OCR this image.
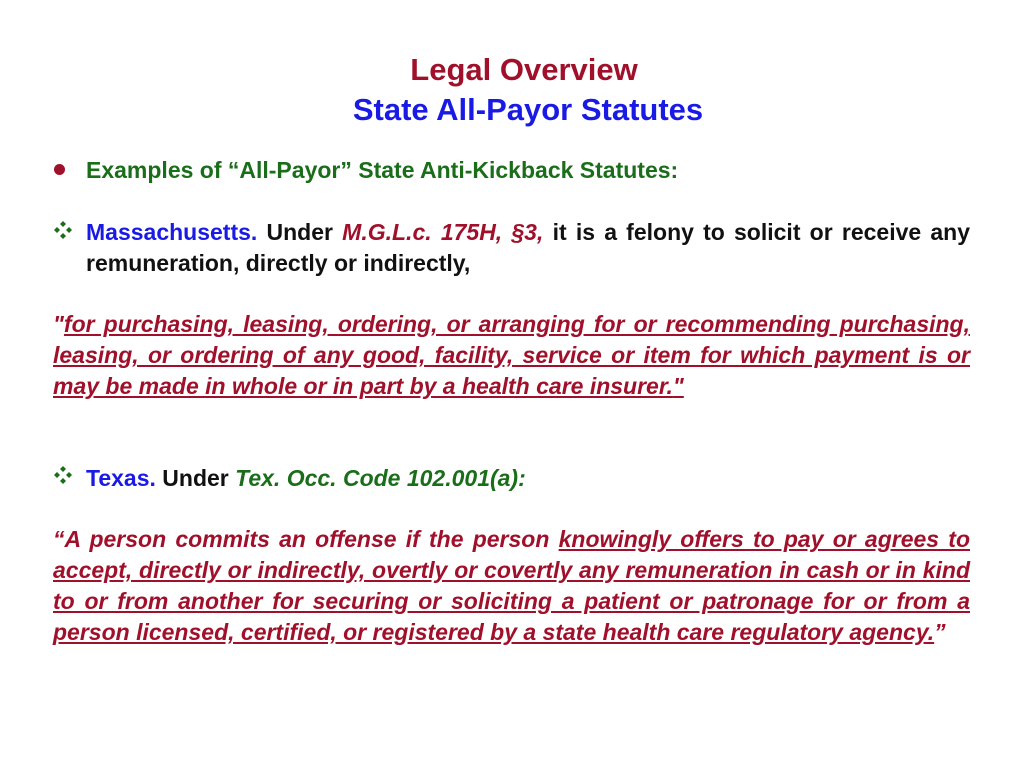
Legal Overview
State All-Payor Statutes
Examples of “All-Payor” State Anti-Kickback Statutes:
Massachusetts. Under M.G.L.c. 175H, §3, it is a felony to solicit or receive any remuneration, directly or indirectly,
"for purchasing, leasing, ordering, or arranging for or recommending purchasing, leasing, or ordering of any good, facility, service or item for which payment is or may be made in whole or in part by a health care insurer."
Texas. Under Tex. Occ. Code 102.001(a):
“A person commits an offense if the person knowingly offers to pay or agrees to accept, directly or indirectly, overtly or covertly any remuneration in cash or in kind to or from another for securing or soliciting a patient or patronage for or from a person licensed, certified, or registered by a state health care regulatory agency.”
